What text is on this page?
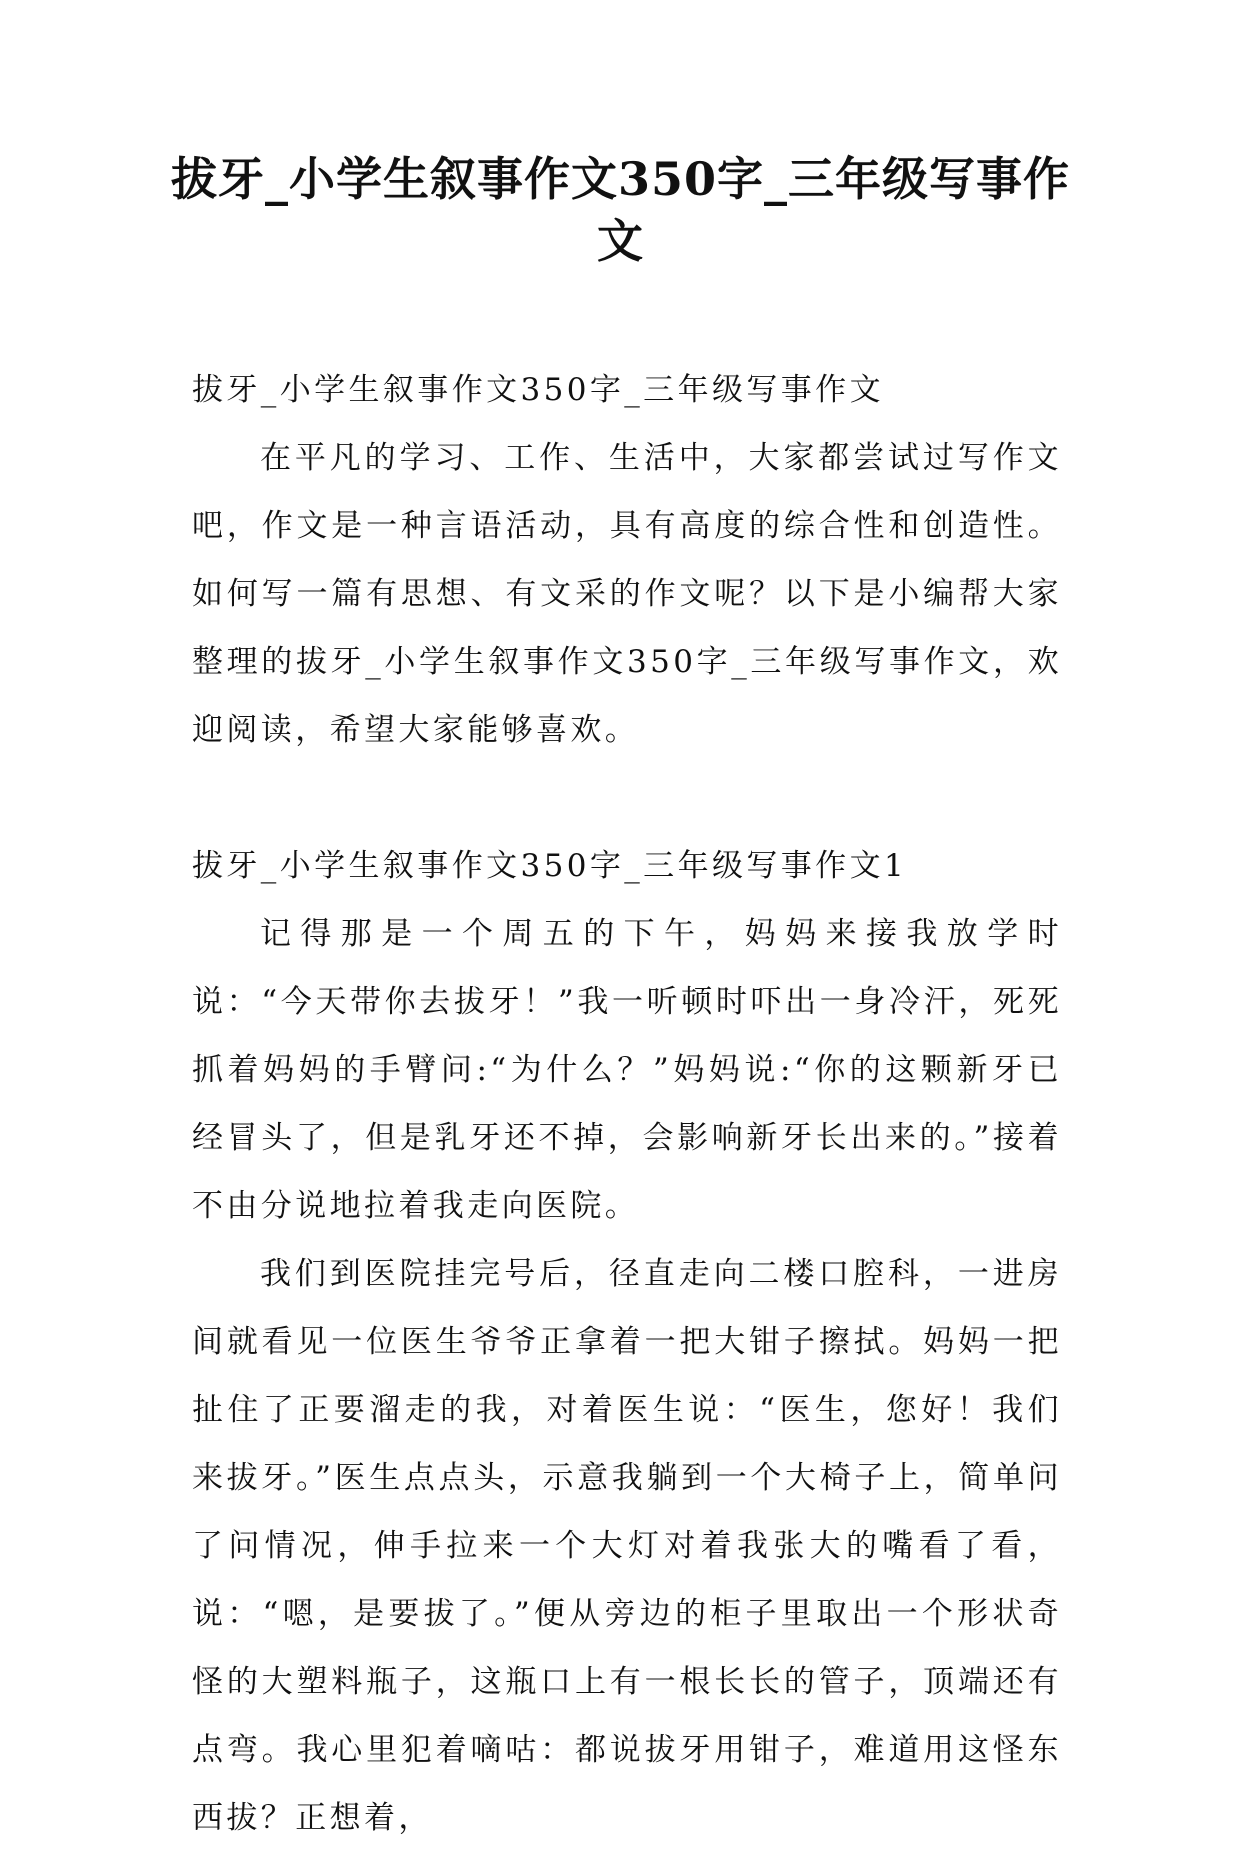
拔牙_小学生叙事作文350字_三年级写事作文

拔牙_小学生叙事作文350字_三年级写事作文

在平凡的学习、工作、生活中，大家都尝试过写作文吧，作文是一种言语活动，具有高度的综合性和创造性。如何写一篇有思想、有文采的作文呢？以下是小编帮大家整理的拔牙_小学生叙事作文350字_三年级写事作文，欢迎阅读，希望大家能够喜欢。

拔牙_小学生叙事作文350字_三年级写事作文1

记得那是一个周五的下午，妈妈来接我放学时说：“今天带你去拔牙！”我一听顿时吓出一身冷汗，死死抓着妈妈的手臂问:“为什么？”妈妈说:“你的这颗新牙已经冒头了，但是乳牙还不掉，会影响新牙长出来的。”接着不由分说地拉着我走向医院。

我们到医院挂完号后，径直走向二楼口腔科，一进房间就看见一位医生爷爷正拿着一把大钳子擦拭。妈妈一把扯住了正要溜走的我，对着医生说：“医生，您好！我们来拔牙。”医生点点头，示意我躺到一个大椅子上，简单问了问情况，伸手拉来一个大灯对着我张大的嘴看了看，说：“嗯，是要拔了。”便从旁边的柜子里取出一个形状奇怪的大塑料瓶子，这瓶口上有一根长长的管子，顶端还有点弯。我心里犯着嘀咕：都说拔牙用钳子，难道用这怪东西拔？正想着，
